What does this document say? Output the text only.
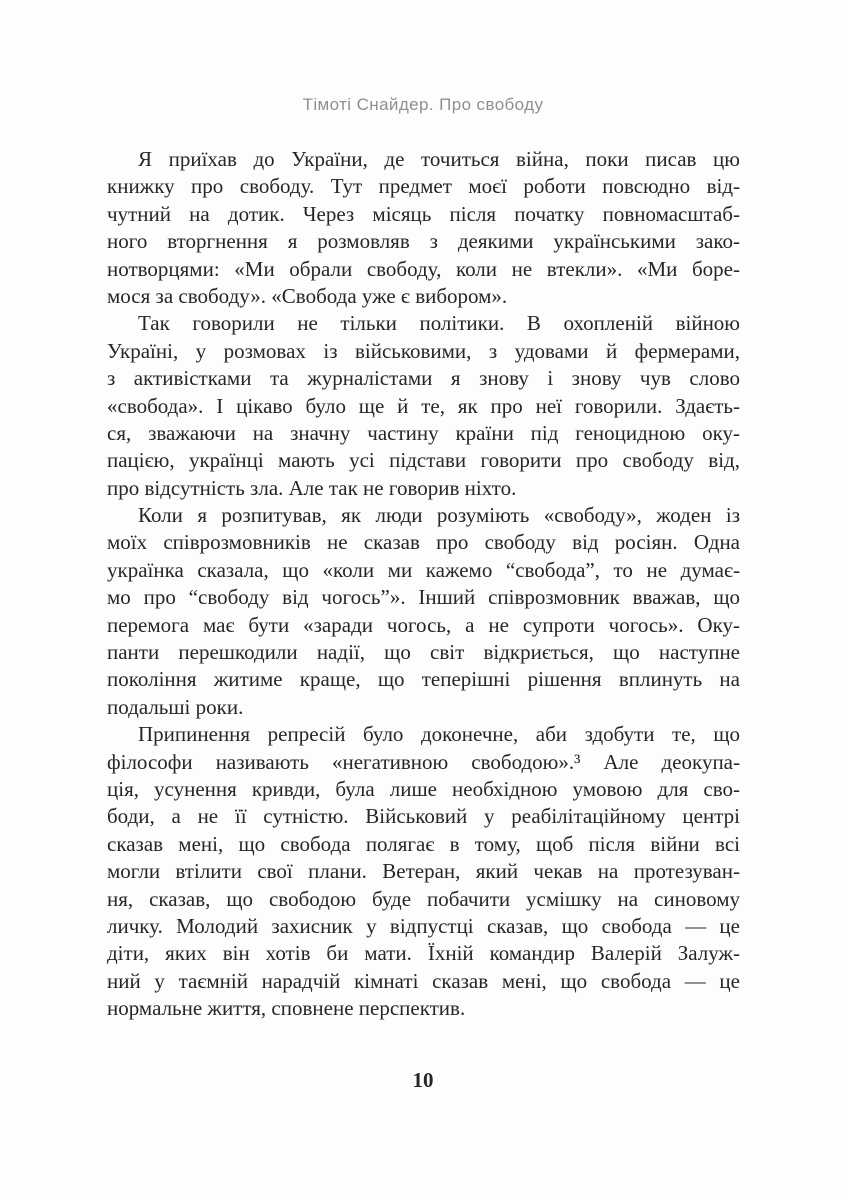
Тімоті Снайдер. Про свободу
Я приїхав до України, де точиться війна, поки писав цю
книжку про свободу. Тут предмет моєї роботи повсюдно від-
чутний на дотик. Через місяць після початку повномасштаб-
ного вторгнення я розмовляв з деякими українськими зако-
нотворцями: «Ми обрали свободу, коли не втекли». «Ми боре-
мося за свободу». «Свобода уже є вибором».
Так говорили не тільки політики. В охопленій війною
Україні, у розмовах із військовими, з удовами й фермерами,
з активістками та журналістами я знову і знову чув слово
«свобода». І цікаво було ще й те, як про неї говорили. Здаєть-
ся, зважаючи на значну частину країни під геноцидною оку-
пацією, українці мають усі підстави говорити про свободу від,
про відсутність зла. Але так не говорив ніхто.
Коли я розпитував, як люди розуміють «свободу», жоден із
моїх співрозмовників не сказав про свободу від росіян. Одна
українка сказала, що «коли ми кажемо “свобода”, то не думає-
мо про “свободу від чогось”». Інший співрозмовник вважав, що
перемога має бути «заради чогось, а не супроти чогось». Оку-
панти перешкодили надії, що світ відкриється, що наступне
покоління житиме краще, що теперішні рішення вплинуть на
подальші роки.
Припинення репресій було доконечне, аби здобути те, що
філософи називають «негативною свободою».³ Але деокупа-
ція, усунення кривди, була лише необхідною умовою для сво-
боди, а не її сутністю. Військовий у реабілітаційному центрі
сказав мені, що свобода полягає в тому, щоб після війни всі
могли втілити свої плани. Ветеран, який чекав на протезуван-
ня, сказав, що свободою буде побачити усмішку на синовому
личку. Молодий захисник у відпустці сказав, що свобода — це
діти, яких він хотів би мати. Їхній командир Валерій Залуж-
ний у таємній нарадчій кімнаті сказав мені, що свобода — це
нормальне життя, сповнене перспектив.
10
